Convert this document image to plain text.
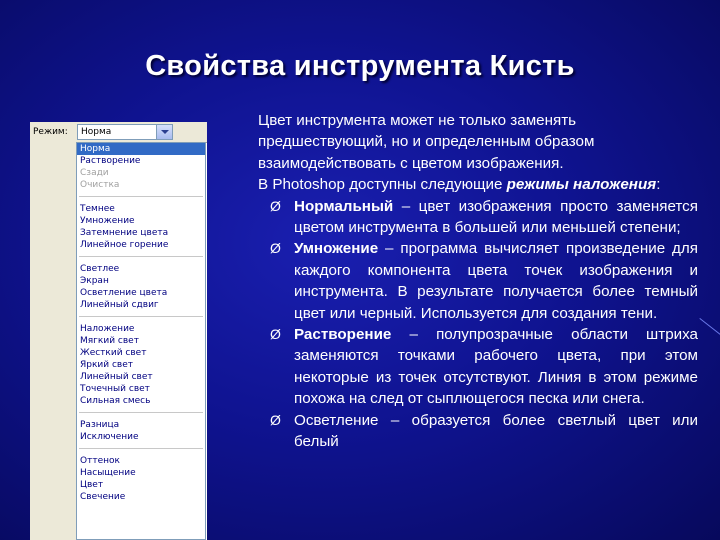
Свойства инструмента Кисть
Режим:	Норма
Норма
Растворение
Сзади
Очистка
Темнее
Умножение
Затемнение цвета
Линейное горение
Светлее
Экран
Осветление цвета
Линейный сдвиг
Наложение
Мягкий свет
Жесткий свет
Яркий свет
Линейный свет
Точечный свет
Сильная смесь
Разница
Исключение
Оттенок
Насыщение
Цвет
Свечение
Цвет инструмента может не только заменять предшествующий, но и определенным образом взаимодействовать с цветом изображения.
В Photoshop доступны следующие режимы наложения:
Ø Нормальный – цвет изображения просто заменяется цветом инструмента в большей или меньшей степени;
Ø Умножение – программа вычисляет произведение для каждого компонента цвета точек изображения и инструмента. В результате получается более темный цвет или черный. Используется для создания тени.
Ø Растворение – полупрозрачные области штриха заменяются точками рабочего цвета, при этом некоторые из точек отсутствуют. Линия в этом режиме похожа на след от сыплющегося песка или снега.
Ø Осветление – образуется более светлый цвет или белый
